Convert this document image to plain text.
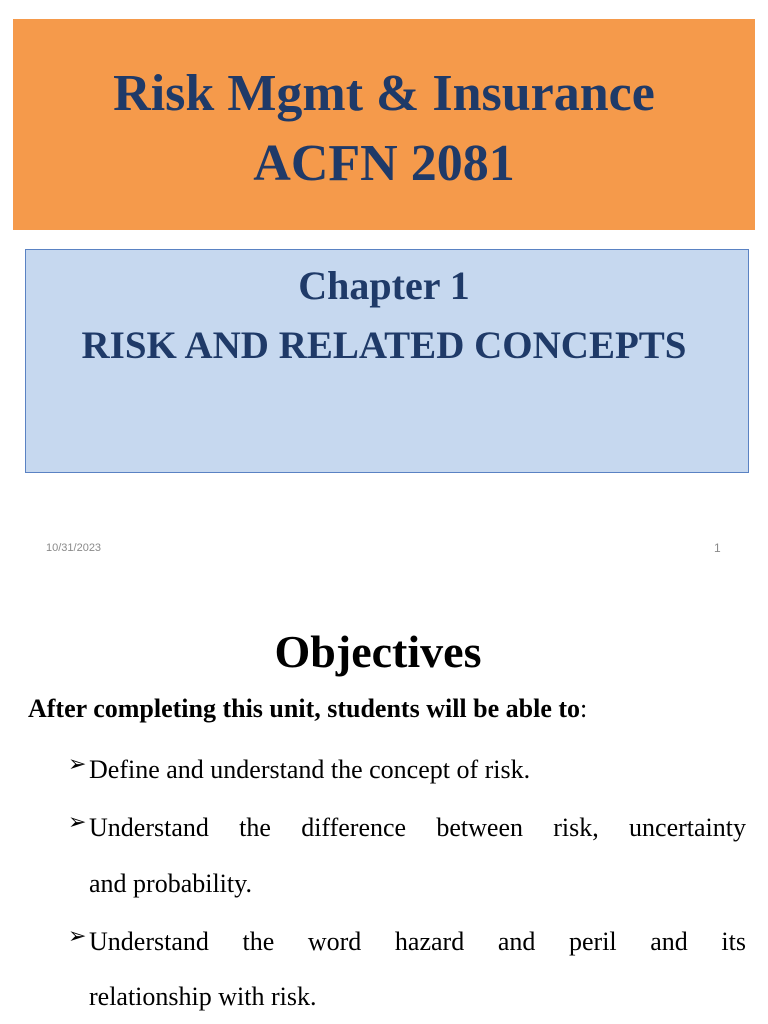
Risk Mgmt & Insurance
ACFN 2081
Chapter 1
RISK AND RELATED CONCEPTS
10/31/2023	1
Objectives
After completing this unit, students will be able to:
➢ Define and understand the concept of risk.
➢ Understand the difference between risk, uncertainty
and probability.
➢ Understand the word hazard and peril and its
relationship with risk.
